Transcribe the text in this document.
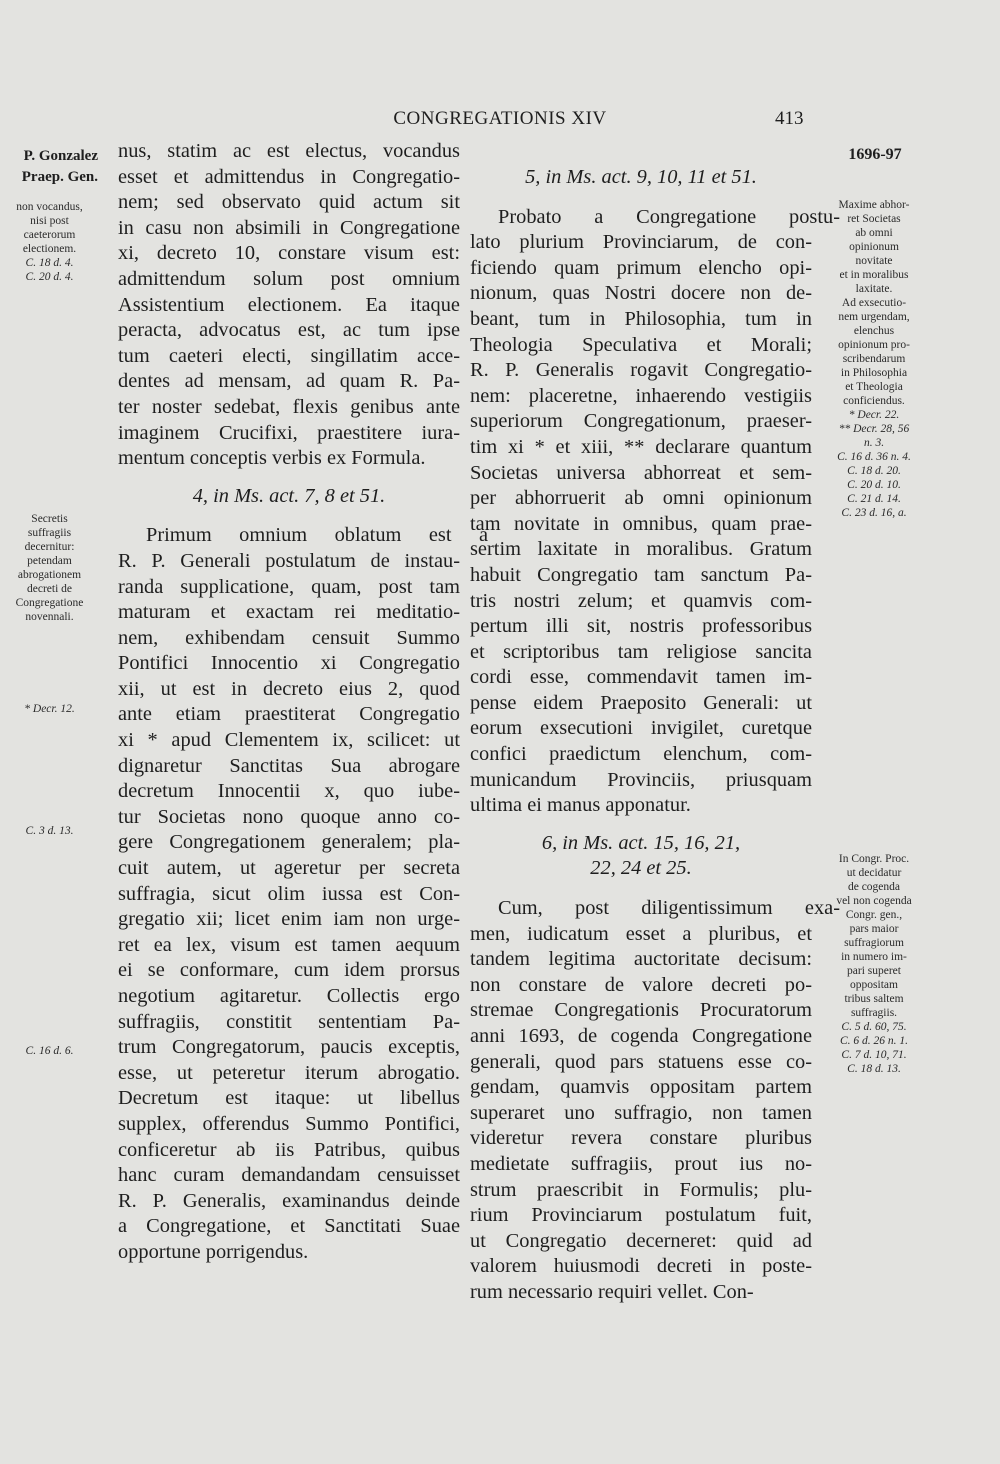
P. Gonzalez
Praep. Gen.
CONGREGATIONIS XIV	413
1696-97
nus, statim ac est electus, vocandus
esset et admittendus in Congregatio-
nem; sed observato quid actum sit
in casu non absimili in Congregatione
xi, decreto 10, constare visum est:
admittendum solum post omnium
Assistentium electionem. Ea itaque
peracta, advocatus est, ac tum ipse
tum caeteri electi, singillatim acce-
dentes ad mensam, ad quam R. Pa-
ter noster sedebat, flexis genibus ante
imaginem Crucifixi, praestitere iura-
mentum conceptis verbis ex Formula.
4, in Ms. act. 7, 8 et 51.
Primum omnium oblatum est a
R. P. Generali postulatum de instau-
randa supplicatione, quam, post tam
maturam et exactam rei meditatio-
nem, exhibendam censuit Summo
Pontifici Innocentio xi Congregatio
xii, ut est in decreto eius 2, quod
ante etiam praestiterat Congregatio
xi * apud Clementem ix, scilicet: ut
dignaretur Sanctitas Sua abrogare
decretum Innocentii x, quo iube-
tur Societas nono quoque anno co-
gere Congregationem generalem; pla-
cuit autem, ut ageretur per secreta
suffragia, sicut olim iussa est Con-
gregatio xii; licet enim iam non urge-
ret ea lex, visum est tamen aequum
ei se conformare, cum idem prorsus
negotium agitaretur. Collectis ergo
suffragiis, constitit sententiam Pa-
trum Congregatorum, paucis exceptis,
esse, ut peteretur iterum abrogatio.
Decretum est itaque: ut libellus
supplex, offerendus Summo Pontifici,
conficeretur ab iis Patribus, quibus
hanc curam demandandam censuisset
R. P. Generalis, examinandus deinde
a Congregatione, et Sanctitati Suae
opportune porrigendus.
5, in Ms. act. 9, 10, 11 et 51.
Probato a Congregatione postu-
lato plurium Provinciarum, de con-
ficiendo quam primum elencho opi-
nionum, quas Nostri docere non de-
beant, tum in Philosophia, tum in
Theologia Speculativa et Morali;
R. P. Generalis rogavit Congregatio-
nem: placeretne, inhaerendo vestigiis
superiorum Congregationum, praeser-
tim xi * et xiii, ** declarare quantum
Societas universa abhorreat et sem-
per abhorruerit ab omni opinionum
tam novitate in omnibus, quam prae-
sertim laxitate in moralibus. Gratum
habuit Congregatio tam sanctum Pa-
tris nostri zelum; et quamvis com-
pertum illi sit, nostris professoribus
et scriptoribus tam religiose sancita
cordi esse, commendavit tamen im-
pense eidem Praeposito Generali: ut
eorum exsecutioni invigilet, curetque
confici praedictum elenchum, com-
municandum Provinciis, priusquam
ultima ei manus apponatur.
6, in Ms. act. 15, 16, 21,
22, 24 et 25.
Cum, post diligentissimum exa-
men, iudicatum esset a pluribus, et
tandem legitima auctoritate decisum:
non constare de valore decreti po-
stremae Congregationis Procuratorum
anni 1693, de cogenda Congregatione
generali, quod pars statuens esse co-
gendam, quamvis oppositam partem
superaret uno suffragio, non tamen
videretur revera constare pluribus
medietate suffragiis, prout ius no-
strum praescribit in Formulis; plu-
rium Provinciarum postulatum fuit,
ut Congregatio decerneret: quid ad
valorem huiusmodi decreti in poste-
rum necessario requiri vellet. Con-
non vocandus,
nisi post
caeterorum
electionem.
C. 18 d. 4.
C. 20 d. 4.
Secretis
suffragiis
decernitur:
petendam
abrogationem
decreti de
Congregatione
novennali.
* Decr. 12.
C. 3 d. 13.
C. 16 d. 6.
Maxime abhor-
ret Societas
ab omni
opinionum
novitate
et in moralibus
laxitate.
Ad exsecutio-
nem urgendam,
elenchus
opinionum pro-
scribendarum
in Philosophia
et Theologia
conficiendus.
* Decr. 22.
** Decr. 28, 56
n. 3.
C. 16 d. 36 n. 4.
C. 18 d. 20.
C. 20 d. 10.
C. 21 d. 14.
C. 23 d. 16, a.
In Congr. Proc.
ut decidatur
de cogenda
vel non cogenda
Congr. gen.,
pars maior
suffragiorum
in numero im-
pari superet
oppositam
tribus saltem
suffragiis.
C. 5 d. 60, 75.
C. 6 d. 26 n. 1.
C. 7 d. 10, 71.
C. 18 d. 13.
